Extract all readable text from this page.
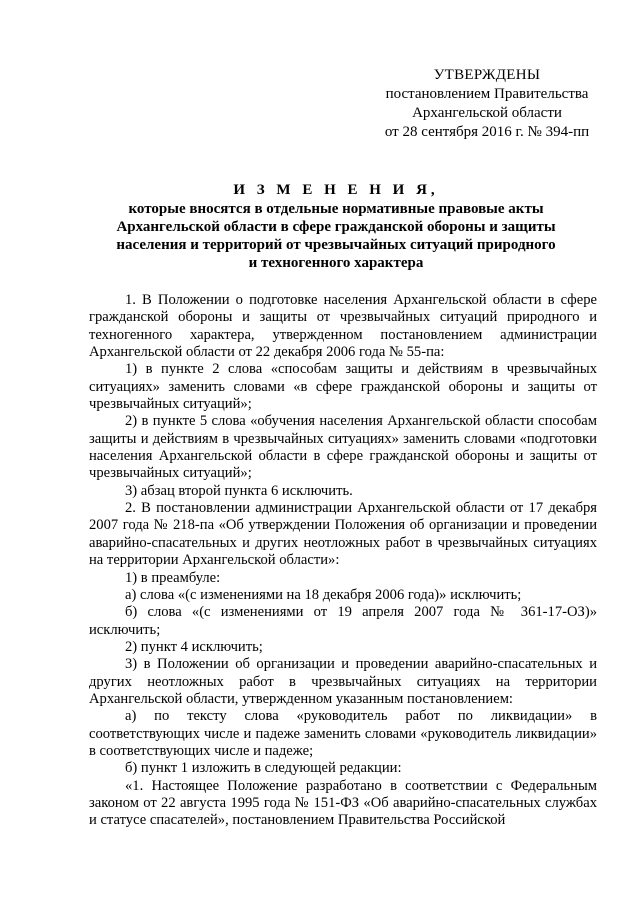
УТВЕРЖДЕНЫ
постановлением Правительства
Архангельской области
от 28 сентября 2016 г. № 394-пп
И З М Е Н Е Н И Я,
которые вносятся в отдельные нормативные правовые акты
Архангельской области в сфере гражданской обороны и защиты
населения и территорий от чрезвычайных ситуаций природного
и техногенного характера

1. В Положении о подготовке населения Архангельской области в сфере гражданской обороны и защиты от чрезвычайных ситуаций природного и техногенного характера, утвержденном постановлением администрации Архангельской области от 22 декабря 2006 года № 55-па:

1) в пункте 2 слова «способам защиты и действиям в чрезвычайных ситуациях» заменить словами «в сфере гражданской обороны и защиты от чрезвычайных ситуаций»;

2) в пункте 5 слова «обучения населения Архангельской области способам защиты и действиям в чрезвычайных ситуациях» заменить словами «подготовки населения Архангельской области в сфере гражданской обороны и защиты от чрезвычайных ситуаций»;

3) абзац второй пункта 6 исключить.

2. В постановлении администрации Архангельской области от 17 декабря 2007 года № 218-па «Об утверждении Положения об организации и проведении аварийно-спасательных и других неотложных работ в чрезвычайных ситуациях на территории Архангельской области»:

1) в преамбуле:

а) слова «(с изменениями на 18 декабря 2006 года)» исключить;

б) слова «(с изменениями от 19 апреля 2007 года № 361-17-ОЗ)» исключить;

2) пункт 4 исключить;

3) в Положении об организации и проведении аварийно-спасательных и других неотложных работ в чрезвычайных ситуациях на территории Архангельской области, утвержденном указанным постановлением:

а) по тексту слова «руководитель работ по ликвидации» в соответствующих числе и падеже заменить словами «руководитель ликвидации» в соответствующих числе и падеже;

б) пункт 1 изложить в следующей редакции:

«1. Настоящее Положение разработано в соответствии с Федеральным законом от 22 августа 1995 года № 151-ФЗ «Об аварийно-спасательных службах и статусе спасателей», постановлением Правительства Российской
